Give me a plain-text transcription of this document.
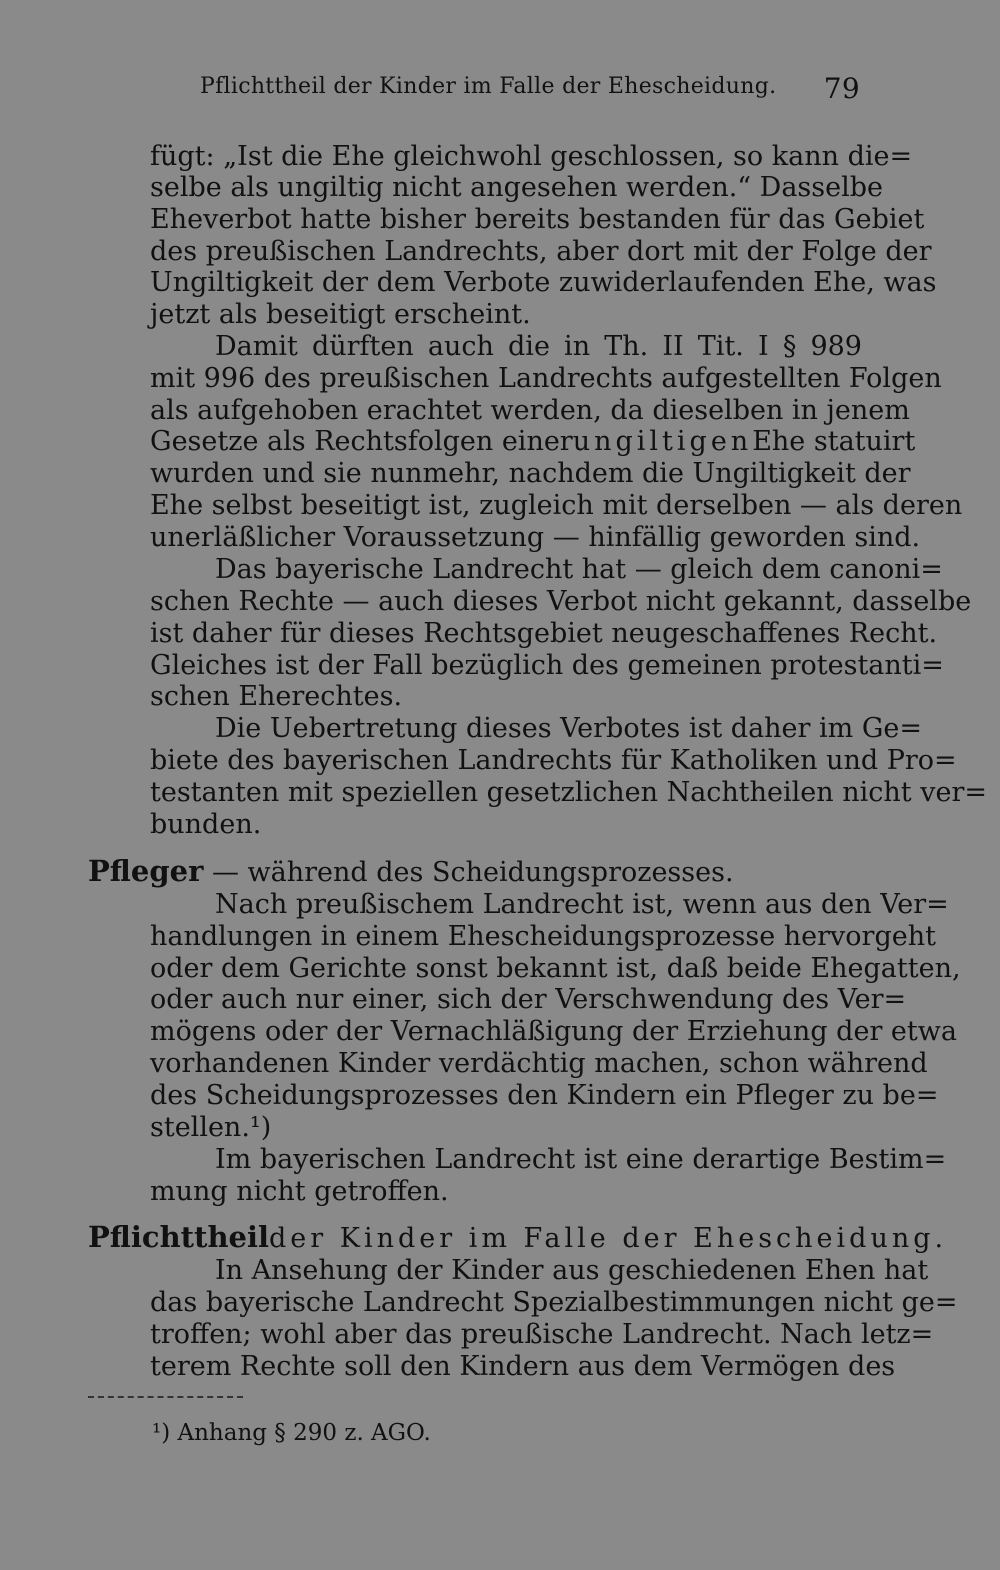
Pflichttheil der Kinder im Falle der Ehescheidung. 79
fügt: „Ist die Ehe gleichwohl geschlossen, so kann die=
selbe als ungiltig nicht angesehen werden.“ Dasselbe
Eheverbot hatte bisher bereits bestanden für das Gebiet
des preußischen Landrechts, aber dort mit der Folge der
Ungiltigkeit der dem Verbote zuwiderlaufenden Ehe, was
jetzt als beseitigt erscheint.
Damit dürften auch die in Th. II Tit. I § 989
mit 996 des preußischen Landrechts aufgestellten Folgen
als aufgehoben erachtet werden, da dieselben in jenem
Gesetze als Rechtsfolgen einer ungiltigen Ehe statuirt
wurden und sie nunmehr, nachdem die Ungiltigkeit der
Ehe selbst beseitigt ist, zugleich mit derselben — als deren
unerläßlicher Voraussetzung — hinfällig geworden sind.
Das bayerische Landrecht hat — gleich dem canoni=
schen Rechte — auch dieses Verbot nicht gekannt, dasselbe
ist daher für dieses Rechtsgebiet neugeschaffenes Recht.
Gleiches ist der Fall bezüglich des gemeinen protestanti=
schen Eherechtes.
Die Uebertretung dieses Verbotes ist daher im Ge=
biete des bayerischen Landrechts für Katholiken und Pro=
testanten mit speziellen gesetzlichen Nachtheilen nicht ver=
bunden.
Pfleger — während des Scheidungsprozesses.
Nach preußischem Landrecht ist, wenn aus den Ver=
handlungen in einem Ehescheidungsprozesse hervorgeht
oder dem Gerichte sonst bekannt ist, daß beide Ehegatten,
oder auch nur einer, sich der Verschwendung des Ver=
mögens oder der Vernachläßigung der Erziehung der etwa
vorhandenen Kinder verdächtig machen, schon während
des Scheidungsprozesses den Kindern ein Pfleger zu be=
stellen.¹)
Im bayerischen Landrecht ist eine derartige Bestim=
mung nicht getroffen.
Pflichttheil der Kinder im Falle der Ehescheidung.
In Ansehung der Kinder aus geschiedenen Ehen hat
das bayerische Landrecht Spezialbestimmungen nicht ge=
troffen; wohl aber das preußische Landrecht. Nach letz=
terem Rechte soll den Kindern aus dem Vermögen des
¹) Anhang § 290 z. AGO.
